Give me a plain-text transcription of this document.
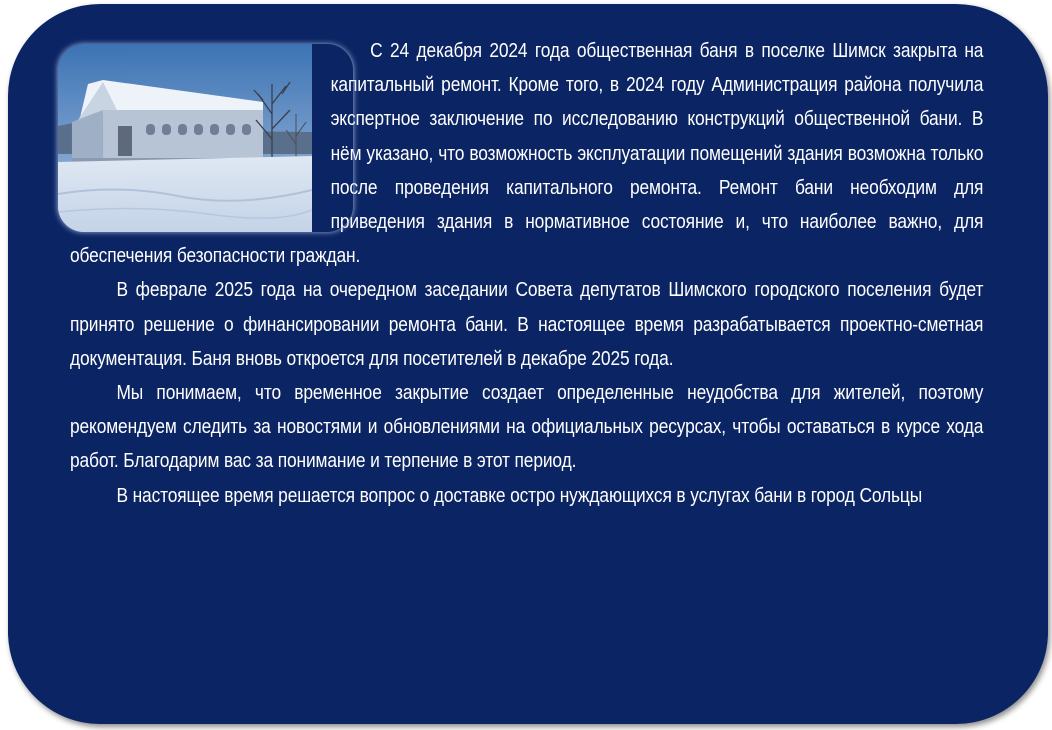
С 24 декабря 2024 года общественная баня в поселке Шимск закрыта на капитальный ремонт. Кроме того, в 2024 году Администрация района получила экспертное заключение по исследованию конструкций общественной бани. В нём указано, что возможность эксплуатации помещений здания возможна только после проведения капитального ремонта. Ремонт бани необходим для приведения здания в нормативное состояние и, что наиболее важно, для обеспечения безопасности граждан.

В феврале 2025 года на очередном заседании Совета депутатов Шимского городского поселения будет принято решение о финансировании ремонта бани. В настоящее время разрабатывается проектно-сметная документация. Баня вновь откроется для посетителей в декабре 2025 года.

Мы понимаем, что временное закрытие создает определенные неудобства для жителей, поэтому рекомендуем следить за новостями и обновлениями на официальных ресурсах, чтобы оставаться в курсе хода работ. Благодарим вас за понимание и терпение в этот период.

В настоящее время решается вопрос о доставке остро нуждающихся в услугах бани в город Сольцы
